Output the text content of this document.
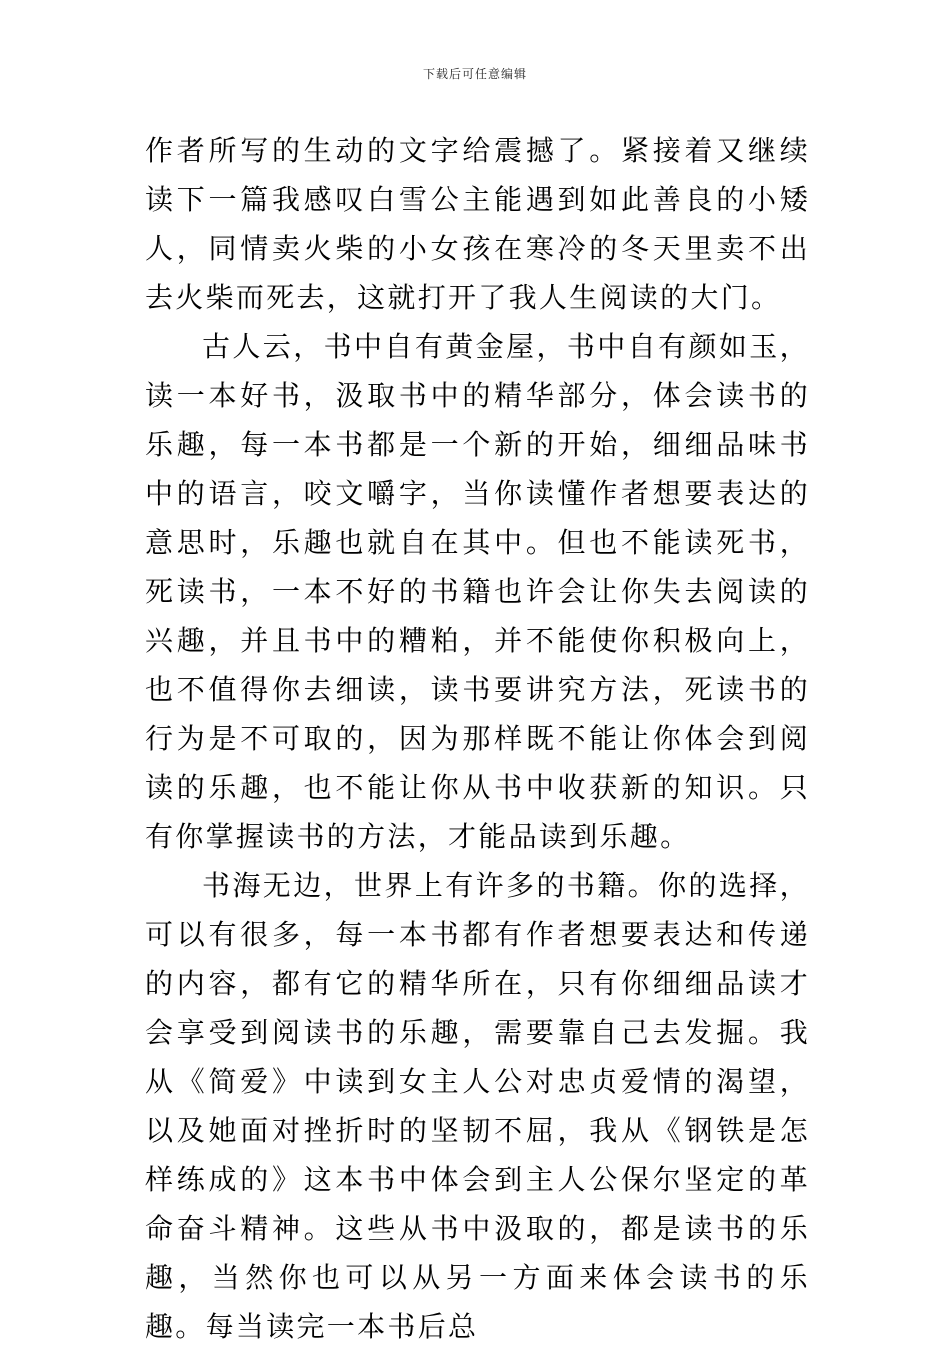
下载后可任意编辑

作者所写的生动的文字给震撼了。紧接着又继续读下一篇我感叹白雪公主能遇到如此善良的小矮人，同情卖火柴的小女孩在寒冷的冬天里卖不出去火柴而死去，这就打开了我人生阅读的大门。

古人云，书中自有黄金屋，书中自有颜如玉，读一本好书，汲取书中的精华部分，体会读书的乐趣，每一本书都是一个新的开始，细细品味书中的语言，咬文嚼字，当你读懂作者想要表达的意思时，乐趣也就自在其中。但也不能读死书，死读书，一本不好的书籍也许会让你失去阅读的兴趣，并且书中的糟粕，并不能使你积极向上，也不值得你去细读，读书要讲究方法，死读书的行为是不可取的，因为那样既不能让你体会到阅读的乐趣，也不能让你从书中收获新的知识。只有你掌握读书的方法，才能品读到乐趣。

书海无边，世界上有许多的书籍。你的选择，可以有很多，每一本书都有作者想要表达和传递的内容，都有它的精华所在，只有你细细品读才会享受到阅读书的乐趣，需要靠自己去发掘。我从《简爱》中读到女主人公对忠贞爱情的渴望，以及她面对挫折时的坚韧不屈，我从《钢铁是怎样练成的》这本书中体会到主人公保尔坚定的革命奋斗精神。这些从书中汲取的，都是读书的乐趣，当然你也可以从另一方面来体会读书的乐趣。每当读完一本书后总
